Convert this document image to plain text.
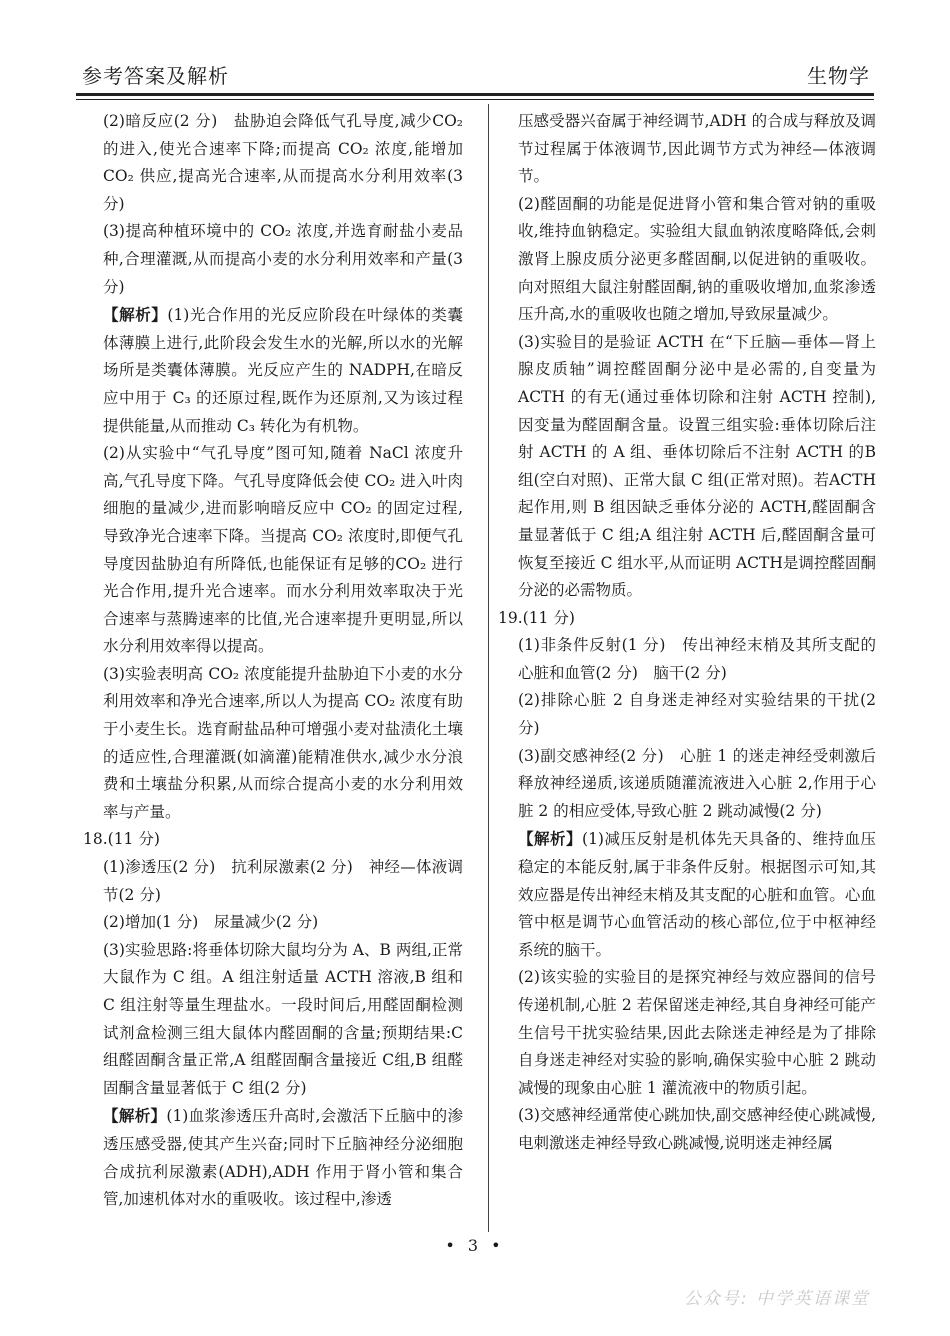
参考答案及解析	生物学

(2)暗反应(2 分)　盐胁迫会降低气孔导度,减少CO₂ 的进入,使光合速率下降;而提高 CO₂ 浓度,能增加 CO₂ 供应,提高光合速率,从而提高水分利用效率(3 分)

(3)提高种植环境中的 CO₂ 浓度,并选育耐盐小麦品种,合理灌溉,从而提高小麦的水分利用效率和产量(3 分)

【解析】(1)光合作用的光反应阶段在叶绿体的类囊体薄膜上进行,此阶段会发生水的光解,所以水的光解场所是类囊体薄膜。光反应产生的 NADPH,在暗反应中用于 C₃ 的还原过程,既作为还原剂,又为该过程提供能量,从而推动 C₃ 转化为有机物。

(2)从实验中“气孔导度”图可知,随着 NaCl 浓度升高,气孔导度下降。气孔导度降低会使 CO₂ 进入叶肉细胞的量减少,进而影响暗反应中 CO₂ 的固定过程,导致净光合速率下降。当提高 CO₂ 浓度时,即便气孔导度因盐胁迫有所降低,也能保证有足够的CO₂ 进行光合作用,提升光合速率。而水分利用效率取决于光合速率与蒸腾速率的比值,光合速率提升更明显,所以水分利用效率得以提高。

(3)实验表明高 CO₂ 浓度能提升盐胁迫下小麦的水分利用效率和净光合速率,所以人为提高 CO₂ 浓度有助于小麦生长。选育耐盐品种可增强小麦对盐渍化土壤的适应性,合理灌溉(如滴灌)能精准供水,减少水分浪费和土壤盐分积累,从而综合提高小麦的水分利用效率与产量。

18.(11 分)

(1)渗透压(2 分)　抗利尿激素(2 分)　神经—体液调节(2 分)

(2)增加(1 分)　尿量减少(2 分)

(3)实验思路:将垂体切除大鼠均分为 A、B 两组,正常大鼠作为 C 组。A 组注射适量 ACTH 溶液,B 组和 C 组注射等量生理盐水。一段时间后,用醛固酮检测试剂盒检测三组大鼠体内醛固酮的含量;预期结果:C 组醛固酮含量正常,A 组醛固酮含量接近 C组,B 组醛固酮含量显著低于 C 组(2 分)

【解析】(1)血浆渗透压升高时,会激活下丘脑中的渗透压感受器,使其产生兴奋;同时下丘脑神经分泌细胞合成抗利尿激素(ADH),ADH 作用于肾小管和集合管,加速机体对水的重吸收。该过程中,渗透

压感受器兴奋属于神经调节,ADH 的合成与释放及调节过程属于体液调节,因此调节方式为神经—体液调节。

(2)醛固酮的功能是促进肾小管和集合管对钠的重吸收,维持血钠稳定。实验组大鼠血钠浓度略降低,会刺激肾上腺皮质分泌更多醛固酮,以促进钠的重吸收。向对照组大鼠注射醛固酮,钠的重吸收增加,血浆渗透压升高,水的重吸收也随之增加,导致尿量减少。

(3)实验目的是验证 ACTH 在“下丘脑—垂体—肾上腺皮质轴”调控醛固酮分泌中是必需的,自变量为ACTH 的有无(通过垂体切除和注射 ACTH 控制),因变量为醛固酮含量。设置三组实验:垂体切除后注射 ACTH 的 A 组、垂体切除后不注射 ACTH 的B 组(空白对照)、正常大鼠 C 组(正常对照)。若ACTH 起作用,则 B 组因缺乏垂体分泌的 ACTH,醛固酮含量显著低于 C 组;A 组注射 ACTH 后,醛固酮含量可恢复至接近 C 组水平,从而证明 ACTH是调控醛固酮分泌的必需物质。

19.(11 分)

(1)非条件反射(1 分)　传出神经末梢及其所支配的心脏和血管(2 分)　脑干(2 分)

(2)排除心脏 2 自身迷走神经对实验结果的干扰(2 分)

(3)副交感神经(2 分)　心脏 1 的迷走神经受刺激后释放神经递质,该递质随灌流液进入心脏 2,作用于心脏 2 的相应受体,导致心脏 2 跳动减慢(2 分)

【解析】(1)减压反射是机体先天具备的、维持血压稳定的本能反射,属于非条件反射。根据图示可知,其效应器是传出神经末梢及其支配的心脏和血管。心血管中枢是调节心血管活动的核心部位,位于中枢神经系统的脑干。

(2)该实验的实验目的是探究神经与效应器间的信号传递机制,心脏 2 若保留迷走神经,其自身神经可能产生信号干扰实验结果,因此去除迷走神经是为了排除自身迷走神经对实验的影响,确保实验中心脏 2 跳动减慢的现象由心脏 1 灌流液中的物质引起。

(3)交感神经通常使心跳加快,副交感神经使心跳减慢,电刺激迷走神经导致心跳减慢,说明迷走神经属

• 3 •
公众号: 中学英语课堂
